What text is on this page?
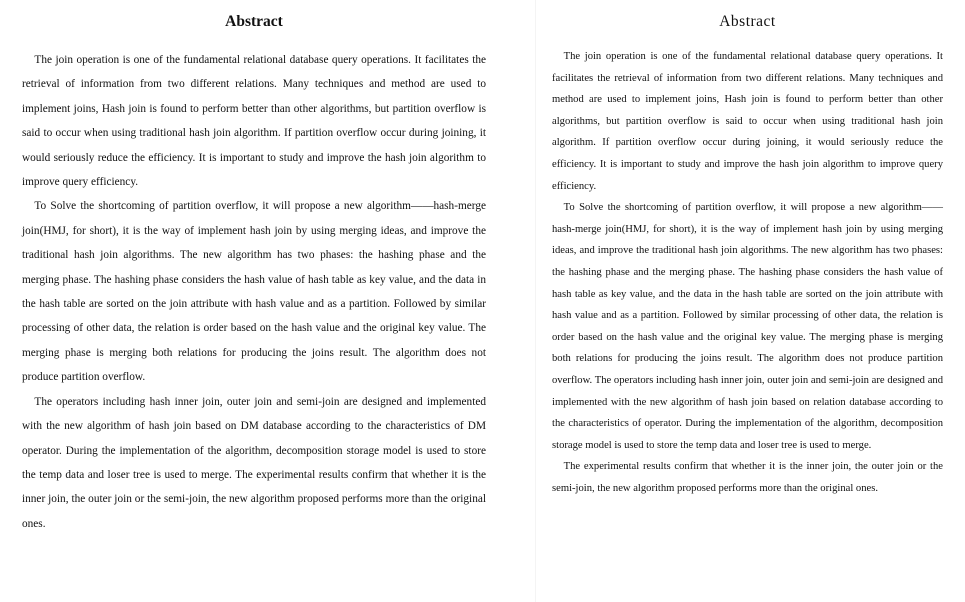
Abstract

The join operation is one of the fundamental relational database query operations. It facilitates the retrieval of information from two different relations. Many techniques and method are used to implement joins, Hash join is found to perform better than other algorithms, but partition overflow is said to occur when using traditional hash join algorithm. If partition overflow occur during joining, it would seriously reduce the efficiency. It is important to study and improve the hash join algorithm to improve query efficiency.

To Solve the shortcoming of partition overflow, it will propose a new algorithm——hash-merge join(HMJ, for short), it is the way of implement hash join by using merging ideas, and improve the traditional hash join algorithms. The new algorithm has two phases: the hashing phase and the merging phase. The hashing phase considers the hash value of hash table as key value, and the data in the hash table are sorted on the join attribute with hash value and as a partition. Followed by similar processing of other data, the relation is order based on the hash value and the original key value. The merging phase is merging both relations for producing the joins result. The algorithm does not produce partition overflow.

The operators including hash inner join, outer join and semi-join are designed and implemented with the new algorithm of hash join based on DM database according to the characteristics of DM operator. During the implementation of the algorithm, decomposition storage model is used to store the temp data and loser tree is used to merge. The experimental results confirm that whether it is the inner join, the outer join or the semi-join, the new algorithm proposed performs more than the original ones.

Abstract

The join operation is one of the fundamental relational database query operations. It facilitates the retrieval of information from two different relations. Many techniques and method are used to implement joins, Hash join is found to perform better than other algorithms, but partition overflow is said to occur when using traditional hash join algorithm. If partition overflow occur during joining, it would seriously reduce the efficiency. It is important to study and improve the hash join algorithm to improve query efficiency.

To Solve the shortcoming of partition overflow, it will propose a new algorithm——hash-merge join(HMJ, for short), it is the way of implement hash join by using merging ideas, and improve the traditional hash join algorithms. The new algorithm has two phases: the hashing phase and the merging phase. The hashing phase considers the hash value of hash table as key value, and the data in the hash table are sorted on the join attribute with hash value and as a partition. Followed by similar processing of other data, the relation is order based on the hash value and the original key value. The merging phase is merging both relations for producing the joins result. The algorithm does not produce partition overflow. The operators including hash inner join, outer join and semi-join are designed and implemented with the new algorithm of hash join based on relation database according to the characteristics of operator. During the implementation of the algorithm, decomposition storage model is used to store the temp data and loser tree is used to merge.

The experimental results confirm that whether it is the inner join, the outer join or the semi-join, the new algorithm proposed performs more than the original ones.
